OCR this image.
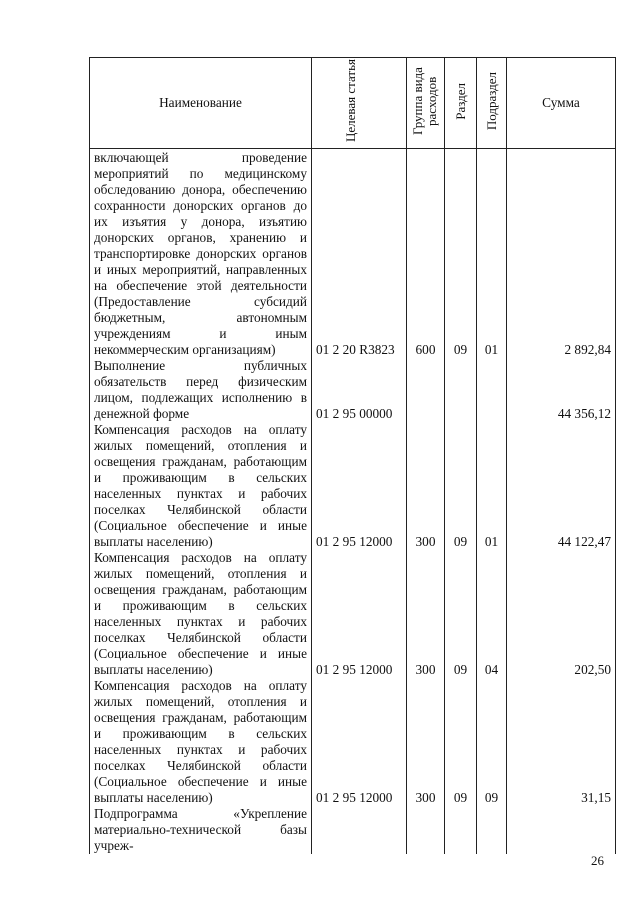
Наименование	Целевая статья	Группа вида расходов	Раздел	Подраздел	Сумма
включающей проведение мероприятий по медицинскому обследованию донора, обеспечению сохранности донорских органов до их изъятия у донора, изъятию донорских органов, хранению и транспортировке донорских органов и иных мероприятий, направленных на обеспечение этой деятельности (Предоставление субсидий бюджетным, автономным учреждениям и иным некоммерческим организациям)	01 2 20 R3823	600	09	01	2 892,84
Выполнение публичных обязательств перед физическим лицом, подлежащих исполнению в денежной форме	01 2 95 00000				44 356,12
Компенсация расходов на оплату жилых помещений, отопления и освещения гражданам, работающим и проживающим в сельских населенных пунктах и рабочих поселках Челябинской области (Социальное обеспечение и иные выплаты населению)	01 2 95 12000	300	09	01	44 122,47
Компенсация расходов на оплату жилых помещений, отопления и освещения гражданам, работающим и проживающим в сельских населенных пунктах и рабочих поселках Челябинской области (Социальное обеспечение и иные выплаты населению)	01 2 95 12000	300	09	04	202,50
Компенсация расходов на оплату жилых помещений, отопления и освещения гражданам, работающим и проживающим в сельских населенных пунктах и рабочих поселках Челябинской области (Социальное обеспечение и иные выплаты населению)	01 2 95 12000	300	09	09	31,15
Подпрограмма «Укрепление материально-технической базы учреж-					
26
